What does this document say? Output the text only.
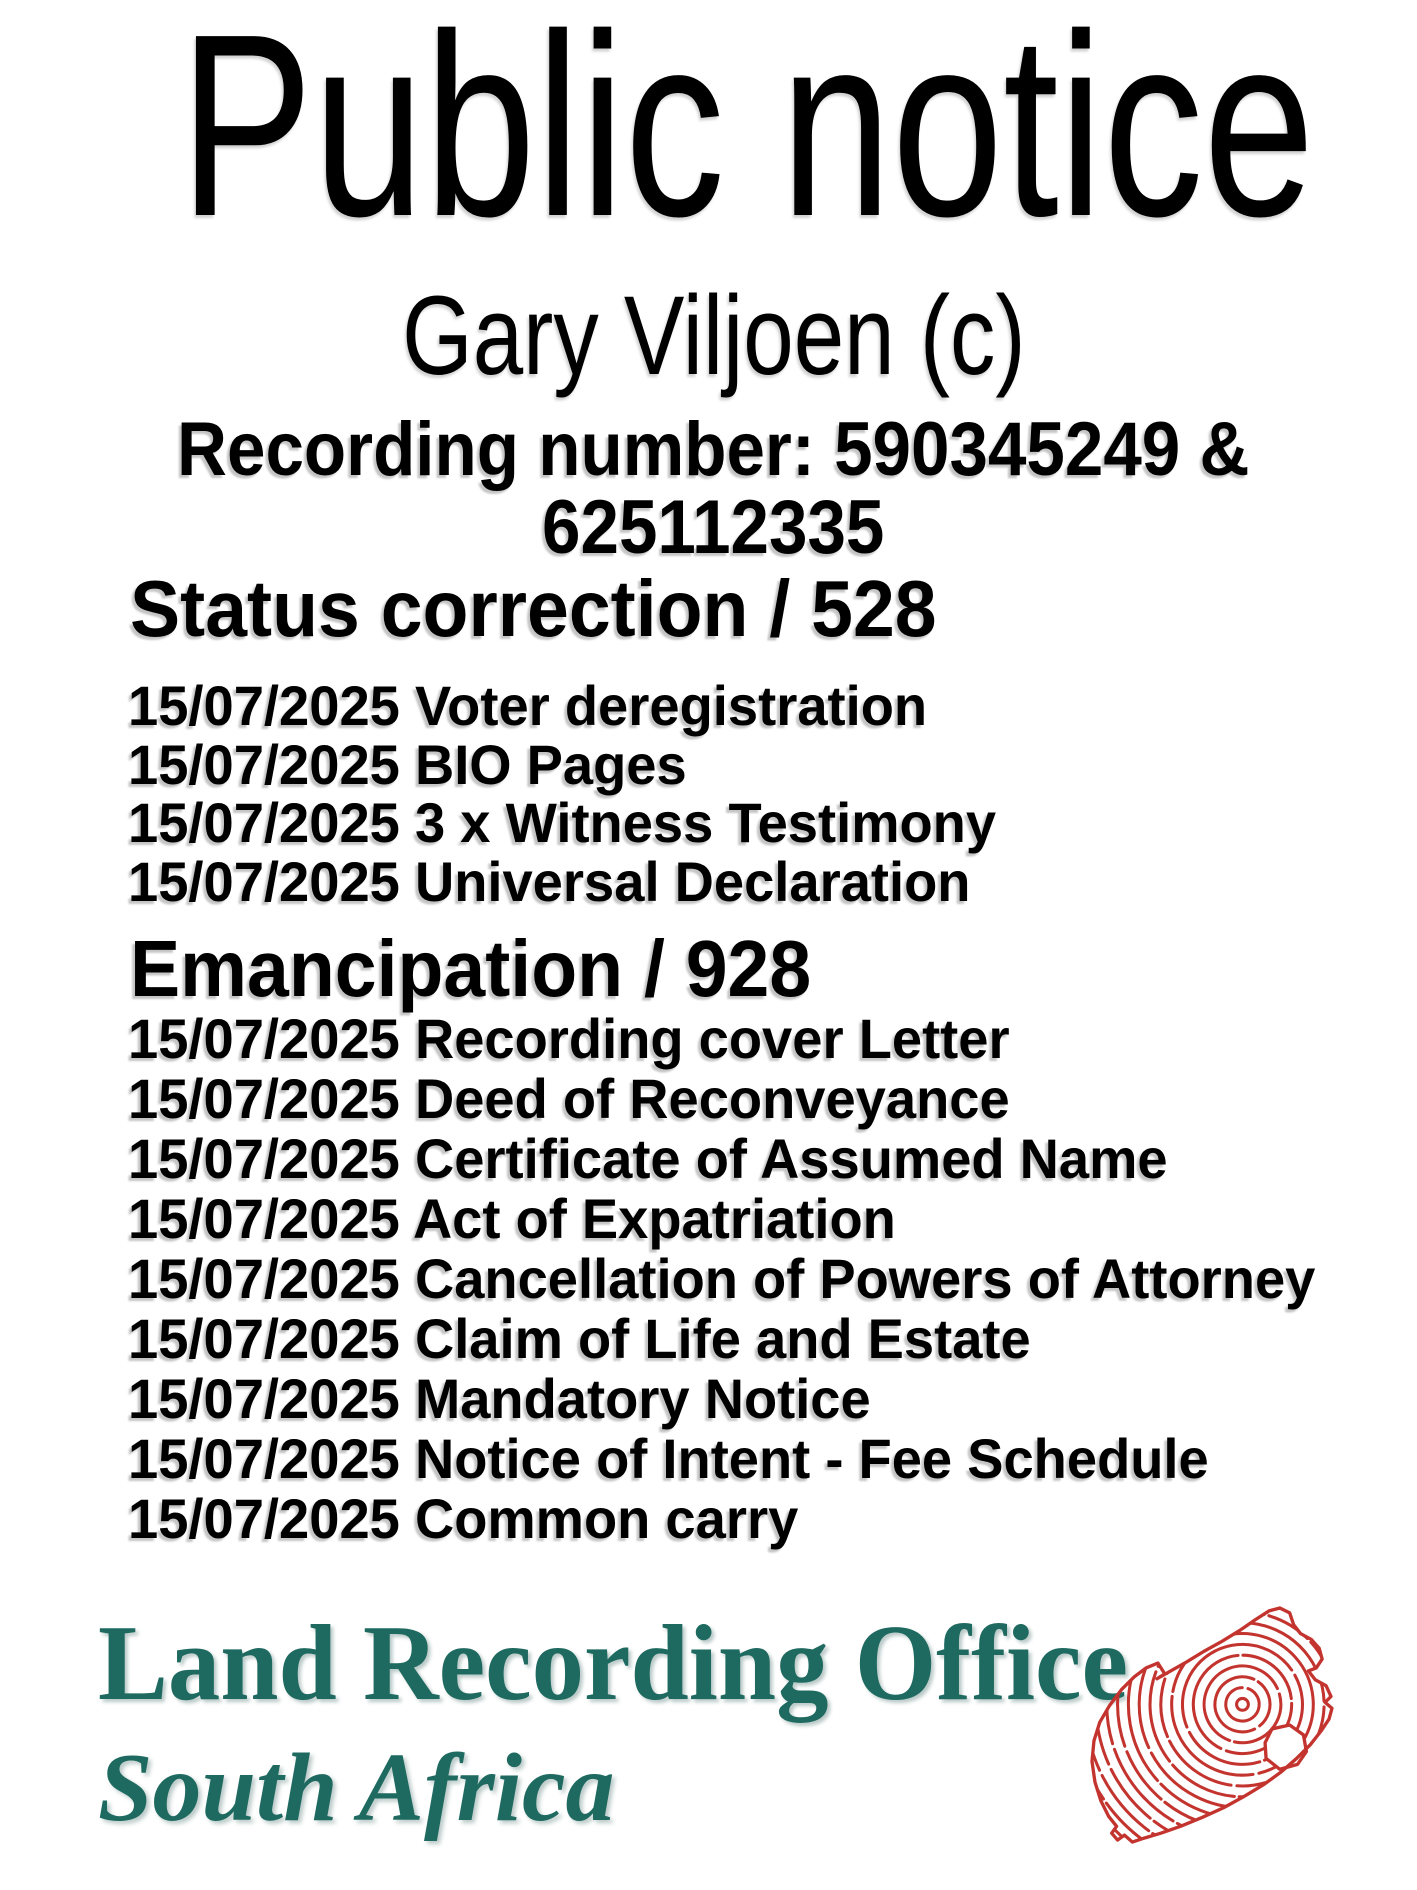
Public notice
Gary Viljoen (c)
Recording number: 590345249 &
625112335
Status correction / 528
15/07/2025 Voter deregistration
15/07/2025 BIO Pages
15/07/2025 3 x Witness Testimony
15/07/2025 Universal Declaration
Emancipation / 928
15/07/2025 Recording cover Letter
15/07/2025 Deed of Reconveyance
15/07/2025 Certificate of Assumed Name
15/07/2025 Act of Expatriation
15/07/2025 Cancellation of Powers of Attorney
15/07/2025 Claim of Life and Estate
15/07/2025 Mandatory Notice
15/07/2025 Notice of Intent - Fee Schedule
15/07/2025 Common carry
Land Recording Office
South Africa
